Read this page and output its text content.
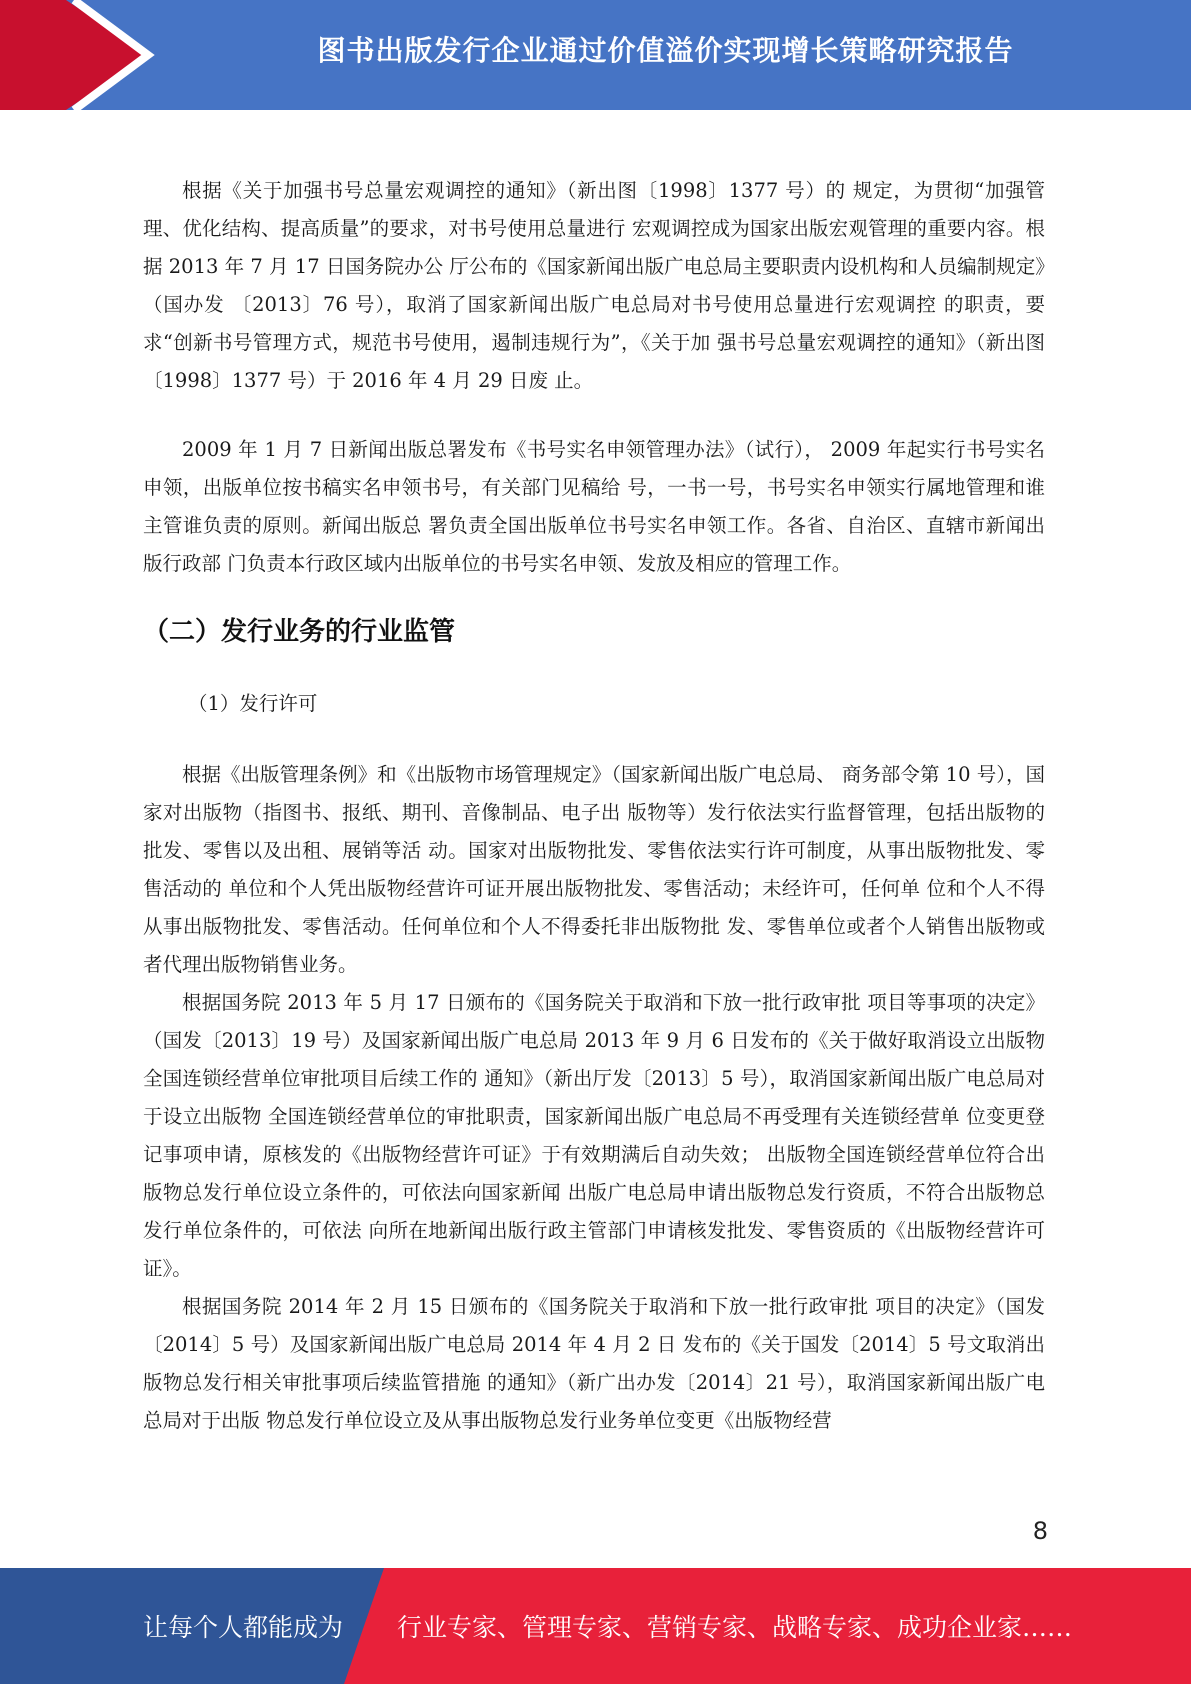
图书出版发行企业通过价值溢价实现增长策略研究报告

根据《关于加强书号总量宏观调控的通知》（新出图〔1998〕1377 号）的 规定，为贯彻“加强管理、优化结构、提高质量”的要求，对书号使用总量进行 宏观调控成为国家出版宏观管理的重要内容。根据 2013 年 7 月 17 日国务院办公 厅公布的《国家新闻出版广电总局主要职责内设机构和人员编制规定》（国办发 〔2013〕76 号），取消了国家新闻出版广电总局对书号使用总量进行宏观调控 的职责，要求“创新书号管理方式，规范书号使用，遏制违规行为”，《关于加 强书号总量宏观调控的通知》（新出图〔1998〕1377 号）于 2016 年 4 月 29 日废 止。

2009 年 1 月 7 日新闻出版总署发布《书号实名申领管理办法》（试行）， 2009 年起实行书号实名申领，出版单位按书稿实名申领书号，有关部门见稿给 号，一书一号，书号实名申领实行属地管理和谁主管谁负责的原则。新闻出版总 署负责全国出版单位书号实名申领工作。各省、自治区、直辖市新闻出版行政部 门负责本行政区域内出版单位的书号实名申领、发放及相应的管理工作。

（二）发行业务的行业监管

（1）发行许可

根据《出版管理条例》和《出版物市场管理规定》（国家新闻出版广电总局、 商务部令第 10 号），国家对出版物（指图书、报纸、期刊、音像制品、电子出 版物等）发行依法实行监督管理，包括出版物的批发、零售以及出租、展销等活 动。国家对出版物批发、零售依法实行许可制度，从事出版物批发、零售活动的 单位和个人凭出版物经营许可证开展出版物批发、零售活动；未经许可，任何单 位和个人不得从事出版物批发、零售活动。任何单位和个人不得委托非出版物批 发、零售单位或者个人销售出版物或者代理出版物销售业务。

根据国务院 2013 年 5 月 17 日颁布的《国务院关于取消和下放一批行政审批 项目等事项的决定》（国发〔2013〕19 号）及国家新闻出版广电总局 2013 年 9 月 6 日发布的《关于做好取消设立出版物全国连锁经营单位审批项目后续工作的 通知》（新出厅发〔2013〕5 号），取消国家新闻出版广电总局对于设立出版物 全国连锁经营单位的审批职责，国家新闻出版广电总局不再受理有关连锁经营单 位变更登记事项申请，原核发的《出版物经营许可证》于有效期满后自动失效； 出版物全国连锁经营单位符合出版物总发行单位设立条件的，可依法向国家新闻 出版广电总局申请出版物总发行资质，不符合出版物总发行单位条件的，可依法 向所在地新闻出版行政主管部门申请核发批发、零售资质的《出版物经营许可 证》。

根据国务院 2014 年 2 月 15 日颁布的《国务院关于取消和下放一批行政审批 项目的决定》（国发〔2014〕5 号）及国家新闻出版广电总局 2014 年 4 月 2 日 发布的《关于国发〔2014〕5 号文取消出版物总发行相关审批事项后续监管措施 的通知》（新广出办发〔2014〕21 号），取消国家新闻出版广电总局对于出版 物总发行单位设立及从事出版物总发行业务单位变更《出版物经营

8
让每个人都能成为 行业专家、管理专家、营销专家、战略专家、成功企业家……
